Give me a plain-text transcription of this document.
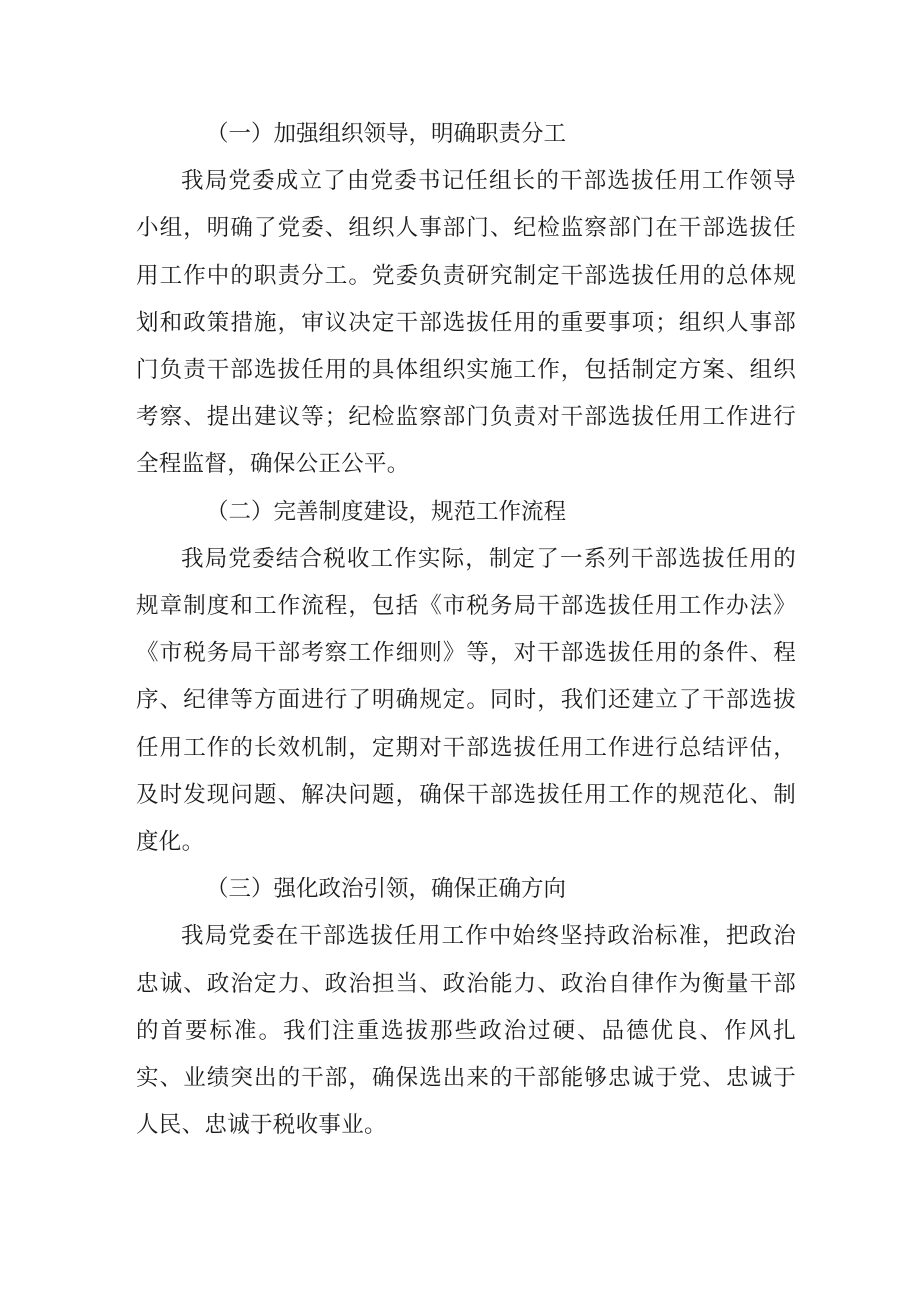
（一）加强组织领导，明确职责分工

我局党委成立了由党委书记任组长的干部选拔任用工作领导小组，明确了党委、组织人事部门、纪检监察部门在干部选拔任用工作中的职责分工。党委负责研究制定干部选拔任用的总体规划和政策措施，审议决定干部选拔任用的重要事项；组织人事部门负责干部选拔任用的具体组织实施工作，包括制定方案、组织考察、提出建议等；纪检监察部门负责对干部选拔任用工作进行全程监督，确保公正公平。

（二）完善制度建设，规范工作流程

我局党委结合税收工作实际，制定了一系列干部选拔任用的规章制度和工作流程，包括《市税务局干部选拔任用工作办法》《市税务局干部考察工作细则》等，对干部选拔任用的条件、程序、纪律等方面进行了明确规定。同时，我们还建立了干部选拔任用工作的长效机制，定期对干部选拔任用工作进行总结评估，及时发现问题、解决问题，确保干部选拔任用工作的规范化、制度化。

（三）强化政治引领，确保正确方向

我局党委在干部选拔任用工作中始终坚持政治标准，把政治忠诚、政治定力、政治担当、政治能力、政治自律作为衡量干部的首要标准。我们注重选拔那些政治过硬、品德优良、作风扎实、业绩突出的干部，确保选出来的干部能够忠诚于党、忠诚于人民、忠诚于税收事业。
